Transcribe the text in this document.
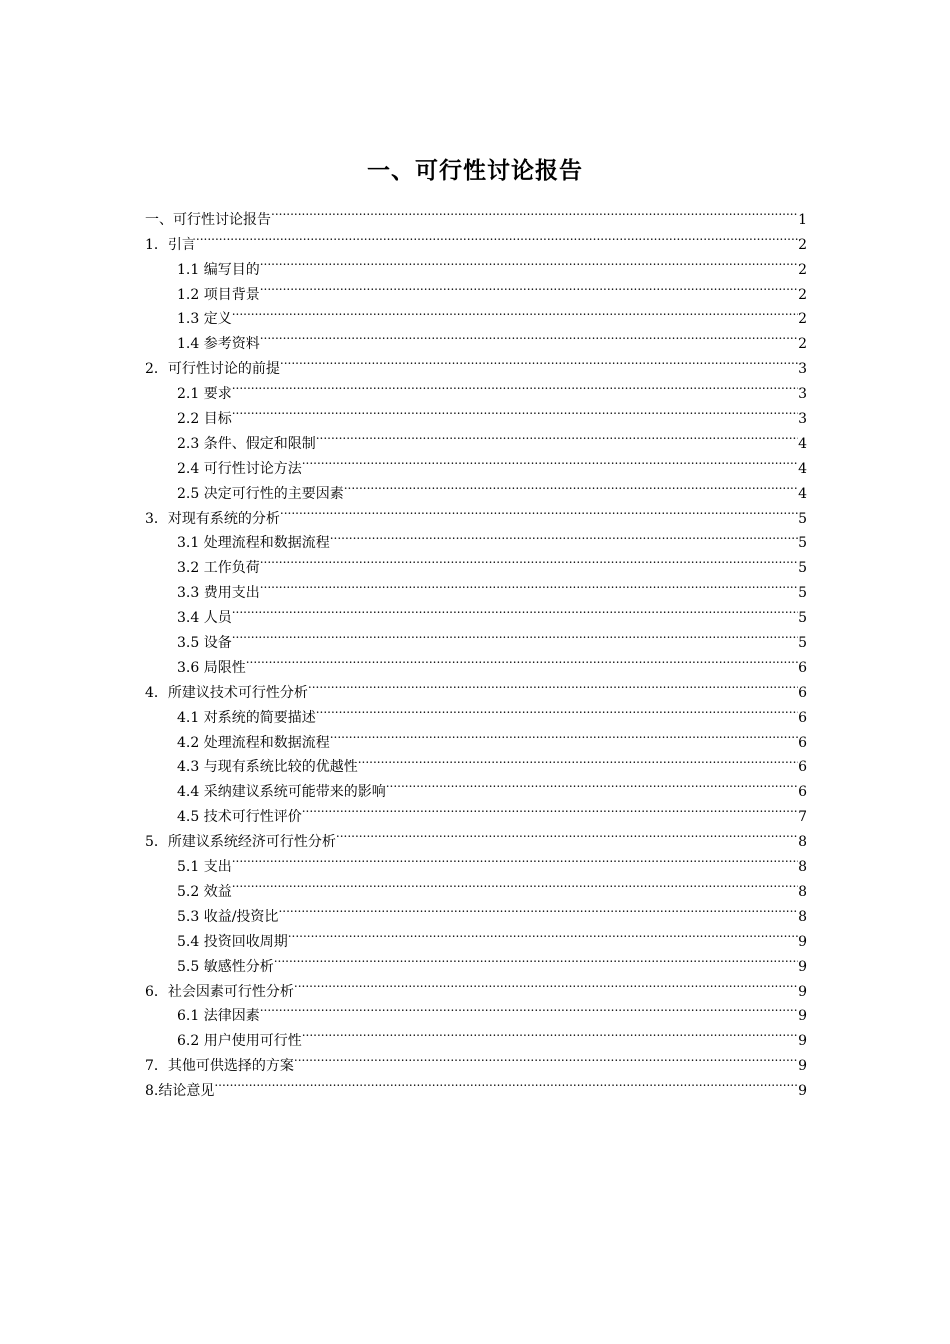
一、可行性讨论报告
一、可行性讨论报告 .....	1
1．引言 .....	2
1.1 编写目的 .....	2
1.2 项目背景 .....	2
1.3 定义 .....	2
1.4 参考资料 .....	2
2．可行性讨论的前提 .....	3
2.1 要求 .....	3
2.2 目标 .....	3
2.3 条件、假定和限制 .....	4
2.4 可行性讨论方法 .....	4
2.5 决定可行性的主要因素 .....	4
3．对现有系统的分析 .....	5
3.1 处理流程和数据流程 .....	5
3.2 工作负荷 .....	5
3.3 费用支出 .....	5
3.4 人员 .....	5
3.5 设备 .....	5
3.6 局限性 .....	6
4．所建议技术可行性分析 .....	6
4.1 对系统的简要描述 .....	6
4.2 处理流程和数据流程 .....	6
4.3 与现有系统比较的优越性 .....	6
4.4 采纳建议系统可能带来的影响 .....	6
4.5 技术可行性评价 .....	7
5．所建议系统经济可行性分析 .....	8
5.1 支出 .....	8
5.2 效益 .....	8
5.3 收益/投资比 .....	8
5.4 投资回收周期 .....	9
5.5 敏感性分析 .....	9
6．社会因素可行性分析 .....	9
6.1 法律因素 .....	9
6.2 用户使用可行性 .....	9
7．其他可供选择的方案 .....	9
8.结论意见 .....	9
